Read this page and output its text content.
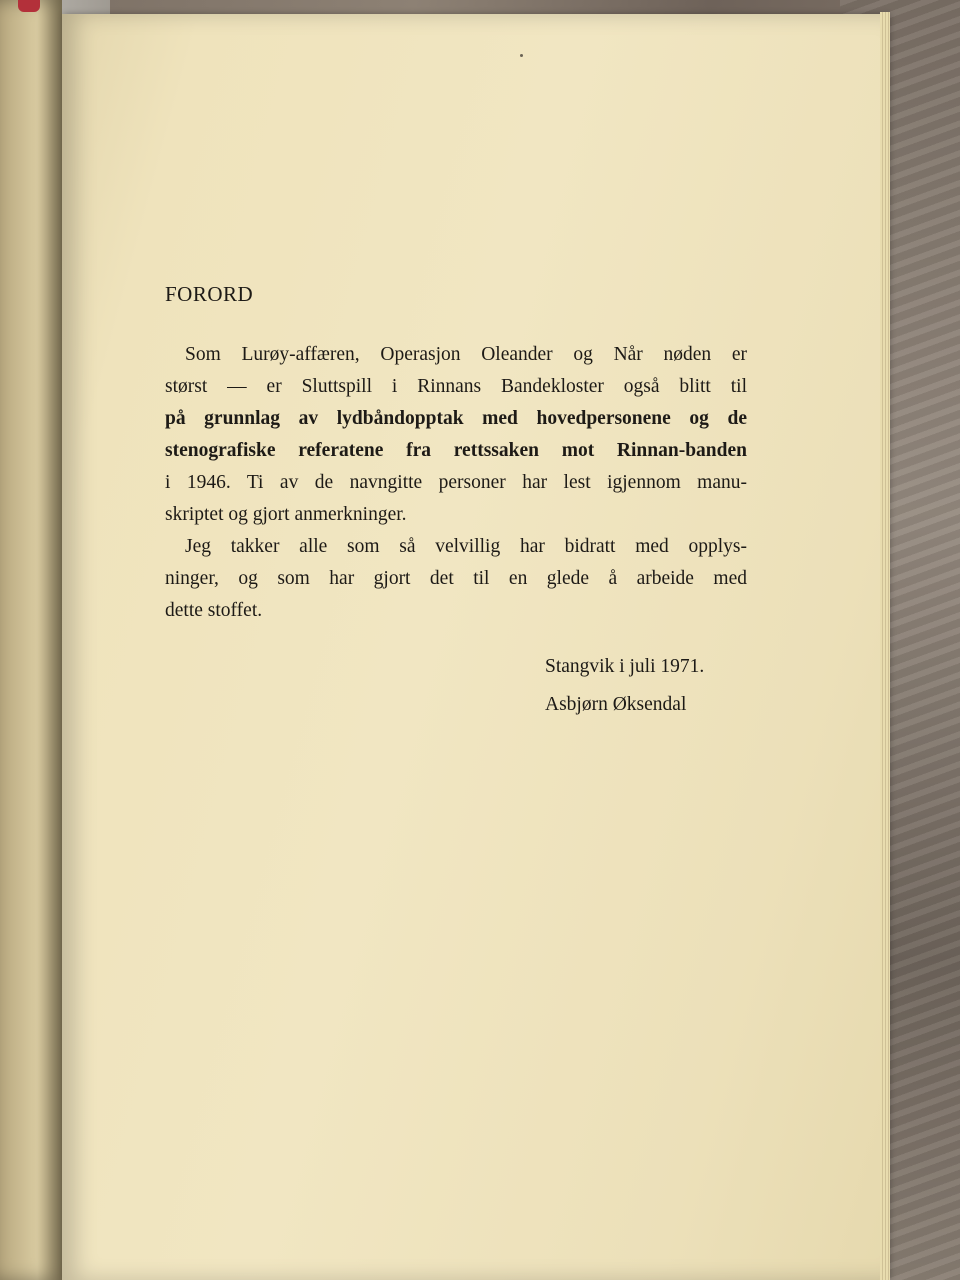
FORORD

Som Lurøy-affæren, Operasjon Oleander og Når nøden er
størst — er Sluttspill i Rinnans Bandekloster også blitt til
på grunnlag av lydbåndopptak med hovedpersonene og de
stenografiske referatene fra rettssaken mot Rinnan-banden
i 1946. Ti av de navngitte personer har lest igjennom manu-
skriptet og gjort anmerkninger.

Jeg takker alle som så velvillig har bidratt med opplys-
ninger, og som har gjort det til en glede å arbeide med
dette stoffet.

Stangvik i juli 1971.
Asbjørn Øksendal
